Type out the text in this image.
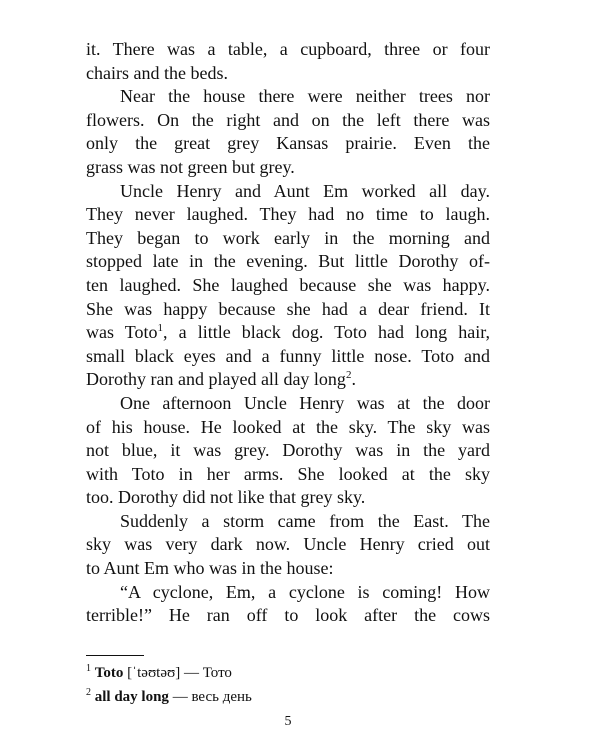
it. There was a table, a cupboard, three or four
chairs and the beds.
Near the house there were neither trees nor
flowers. On the right and on the left there was
only the great grey Kansas prairie. Even the
grass was not green but grey.
Uncle Henry and Aunt Em worked all day.
They never laughed. They had no time to laugh.
They began to work early in the morning and
stopped late in the evening. But little Dorothy of-
ten laughed. She laughed because she was happy.
She was happy because she had a dear friend. It
was Toto$^1$, a little black dog. Toto had long hair,
small black eyes and a funny little nose. Toto and
Dorothy ran and played all day long$^2$.
One afternoon Uncle Henry was at the door
of his house. He looked at the sky. The sky was
not blue, it was grey. Dorothy was in the yard
with Toto in her arms. She looked at the sky
too. Dorothy did not like that grey sky.
Suddenly a storm came from the East. The
sky was very dark now. Uncle Henry cried out
to Aunt Em who was in the house:
“A cyclone, Em, a cyclone is coming! How
terrible!” He ran off to look after the cows
$^1$ Toto [ˈtəʊtəʊ] — Тото
$^2$ all day long — весь день
5
